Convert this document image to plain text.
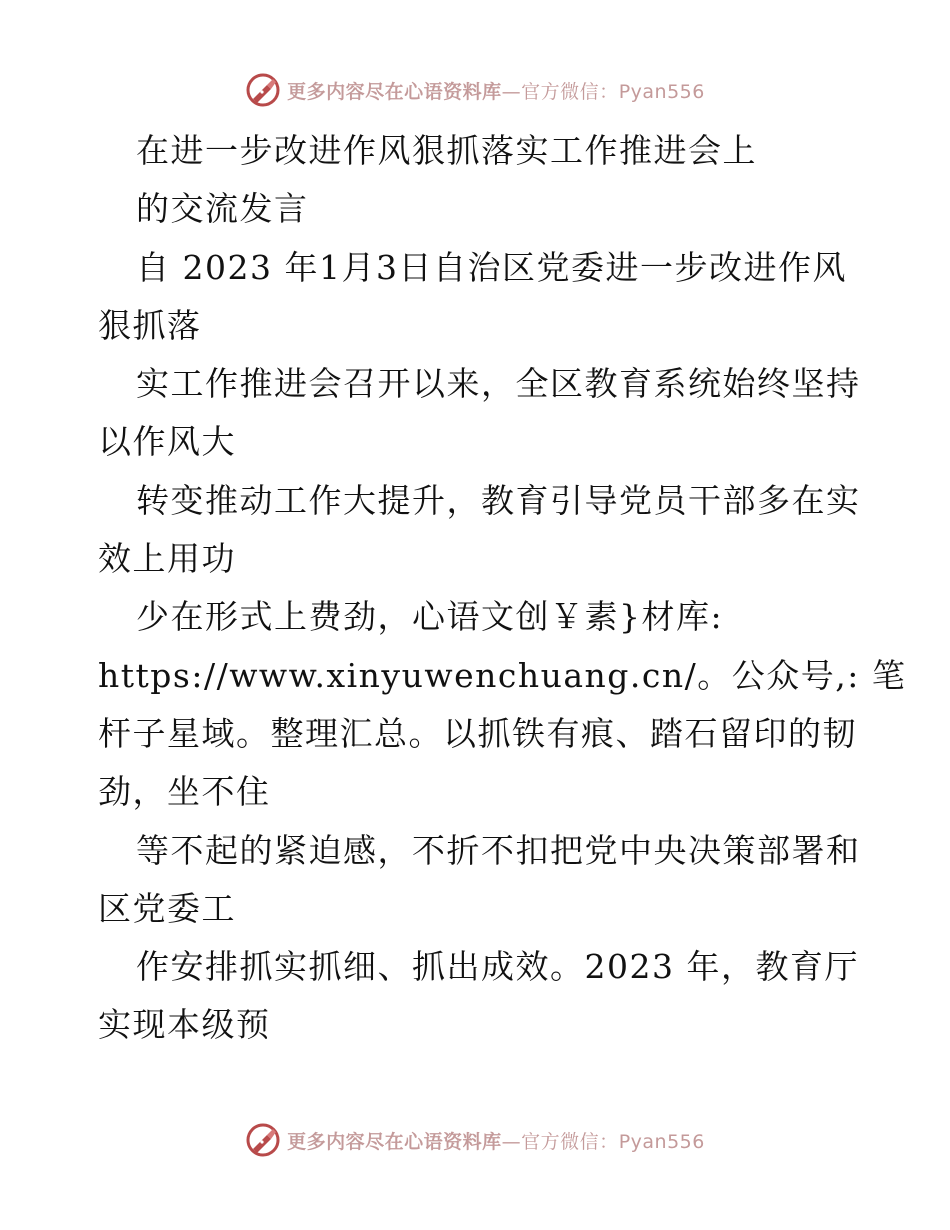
更多内容尽在心语资料库—官方微信：Pyan556
在进一步改进作风狠抓落实工作推进会上
的交流发言
自 2023 年1月3日自治区党委进一步改进作风
狠抓落
实工作推进会召开以来，全区教育系统始终坚持
以作风大
转变推动工作大提升，教育引导党员干部多在实
效上用功
少在形式上费劲，心语文创￥素}材库:
https://www.xinyuwenchuang.cn/。公众号,: 笔
杆子星域。整理汇总。以抓铁有痕、踏石留印的韧
劲，坐不住
等不起的紧迫感，不折不扣把党中央决策部署和
区党委工
作安排抓实抓细、抓出成效。2023 年，教育厅
实现本级预
更多内容尽在心语资料库—官方微信：Pyan556
